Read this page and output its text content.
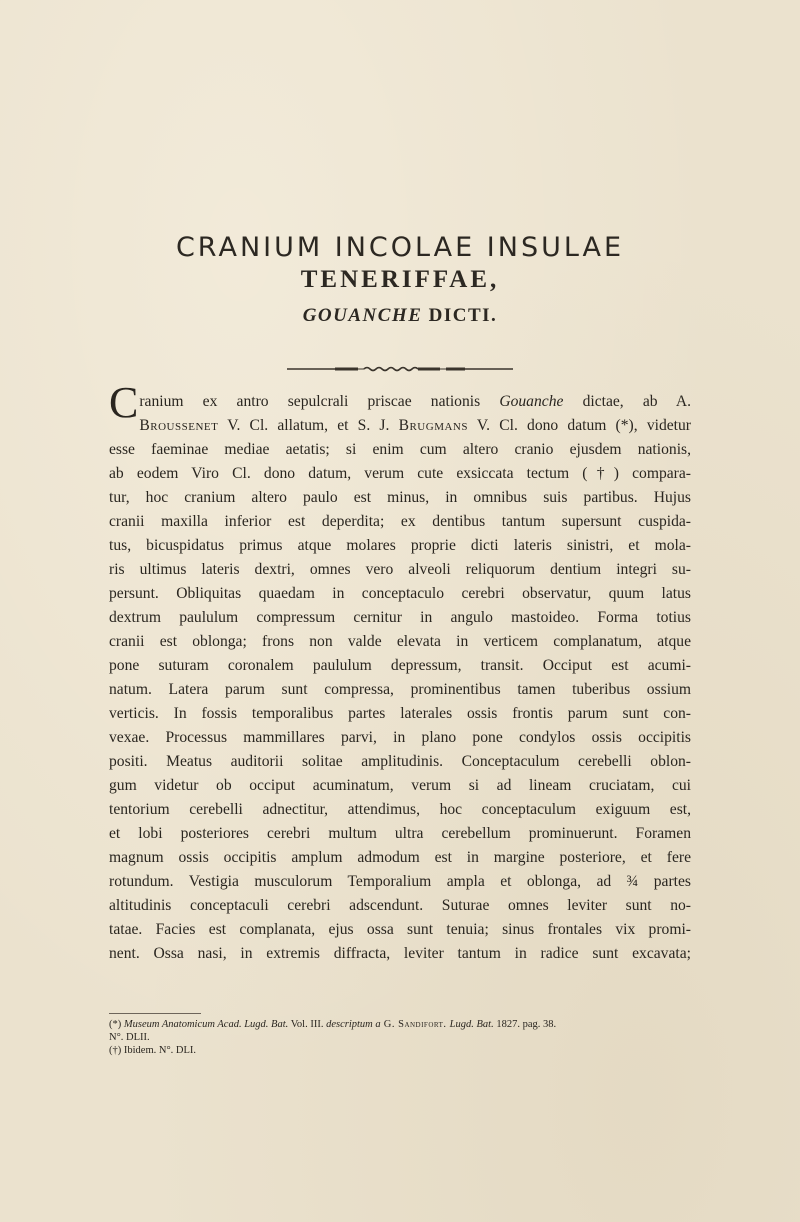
CRANIUM INCOLAE INSULAE
TENERIFFAE,
GOUANCHE DICTI.
Cranium ex antro sepulcrali priscae nationis Gouanche dictae, ab A.
Broussenet V. Cl. allatum, et S. J. Brugmans V. Cl. dono datum (*), videtur
esse faeminae mediae aetatis; si enim cum altero cranio ejusdem nationis,
ab eodem Viro Cl. dono datum, verum cute exsiccata tectum (†) compara-
tur, hoc cranium altero paulo est minus, in omnibus suis partibus. Hujus
cranii maxilla inferior est deperdita; ex dentibus tantum supersunt cuspida-
tus, bicuspidatus primus atque molares proprie dicti lateris sinistri, et mola-
ris ultimus lateris dextri, omnes vero alveoli reliquorum dentium integri su-
persunt. Obliquitas quaedam in conceptaculo cerebri observatur, quum latus
dextrum paululum compressum cernitur in angulo mastoideo. Forma totius
cranii est oblonga; frons non valde elevata in verticem complanatum, atque
pone suturam coronalem paululum depressum, transit. Occiput est acumi-
natum. Latera parum sunt compressa, prominentibus tamen tuberibus ossium
verticis. In fossis temporalibus partes laterales ossis frontis parum sunt con-
vexae. Processus mammillares parvi, in plano pone condylos ossis occipitis
positi. Meatus auditorii solitae amplitudinis. Conceptaculum cerebelli oblon-
gum videtur ob occiput acuminatum, verum si ad lineam cruciatam, cui
tentorium cerebelli adnectitur, attendimus, hoc conceptaculum exiguum est,
et lobi posteriores cerebri multum ultra cerebellum prominuerunt. Foramen
magnum ossis occipitis amplum admodum est in margine posteriore, et fere
rotundum. Vestigia musculorum Temporalium ampla et oblonga, ad ¾ partes
altitudinis conceptaculi cerebri adscendunt. Suturae omnes leviter sunt no-
tatae. Facies est complanata, ejus ossa sunt tenuia; sinus frontales vix promi-
nent. Ossa nasi, in extremis diffracta, leviter tantum in radice sunt excavata;
(*) Museum Anatomicum Acad. Lugd. Bat. Vol. III. descriptum a G. Sandifort. Lugd. Bat. 1827. pag. 38.
N°. DLII.
(†) Ibidem. N°. DLI.
